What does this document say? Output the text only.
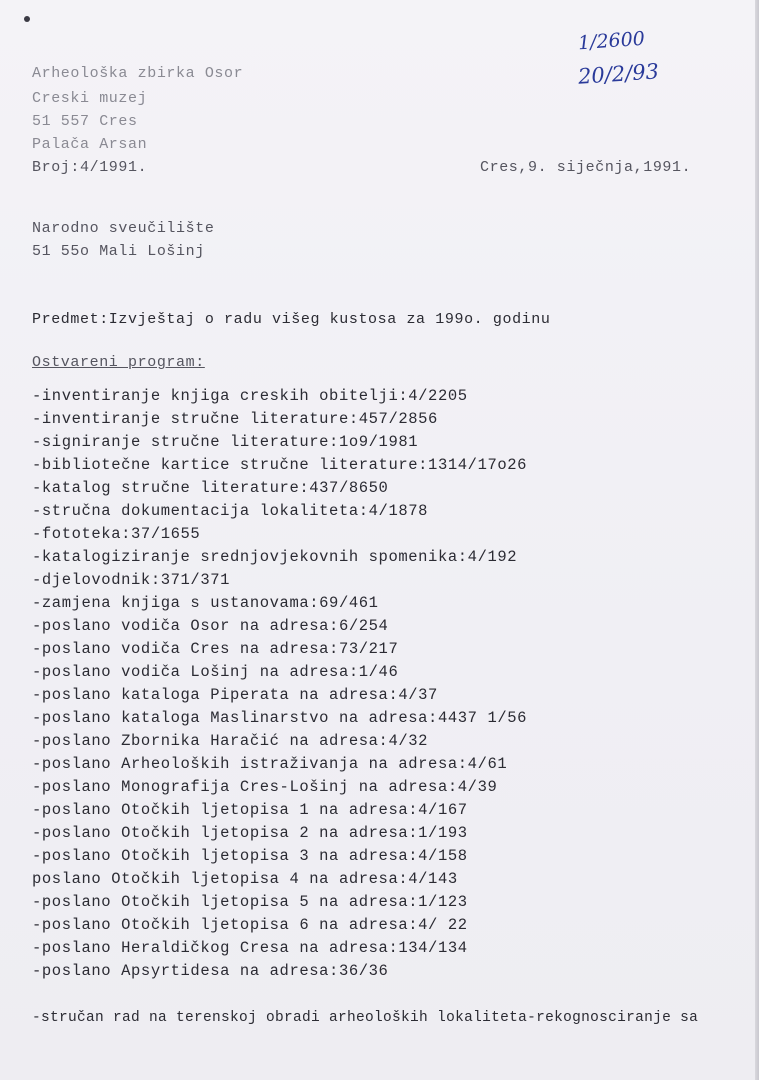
1/2600
20/2/93
Arheološka zbirka Osor
Creski muzej
51 557 Cres
Palača Arsan
Broj:4/1991.	Cres,9. siječnja,1991.
Narodno sveučilište
51 55o Mali Lošinj
Predmet:Izvještaj o radu višeg kustosa za 199o. godinu
Ostvareni program:
-inventiranje knjiga creskih obitelji:4/2205
-inventiranje stručne literature:457/2856
-signiranje stručne literature:1o9/1981
-bibliotečne kartice stručne literature:1314/17o26
-katalog stručne literature:437/8650
-stručna dokumentacija lokaliteta:4/1878
-fototeka:37/1655
-katalogiziranje srednjovjekovnih spomenika:4/192
-djelovodnik:371/371
-zamjena knjiga s ustanovama:69/461
-poslano vodiča Osor na adresa:6/254
-poslano vodiča Cres na adresa:73/217
-poslano vodiča Lošinj na adresa:1/46
-poslano kataloga Piperata na adresa:4/37
-poslano kataloga Maslinarstvo na adresa:4437 1/56
-poslano Zbornika Haračić na adresa:4/32
-poslano Arheoloških istraživanja na adresa:4/61
-poslano Monografija Cres-Lošinj na adresa:4/39
-poslano Otočkih ljetopisa 1 na adresa:4/167
-poslano Otočkih ljetopisa 2 na adresa:1/193
-poslano Otočkih ljetopisa 3 na adresa:4/158
poslano Otočkih ljetopisa 4 na adresa:4/143
-poslano Otočkih ljetopisa 5 na adresa:1/123
-poslano Otočkih ljetopisa 6 na adresa:4/ 22
-poslano Heraldičkog Cresa na adresa:134/134
-poslano Apsyrtidesa na adresa:36/36
-stručan rad na terenskoj obradi arheoloških lokaliteta-rekognosciranje sa
